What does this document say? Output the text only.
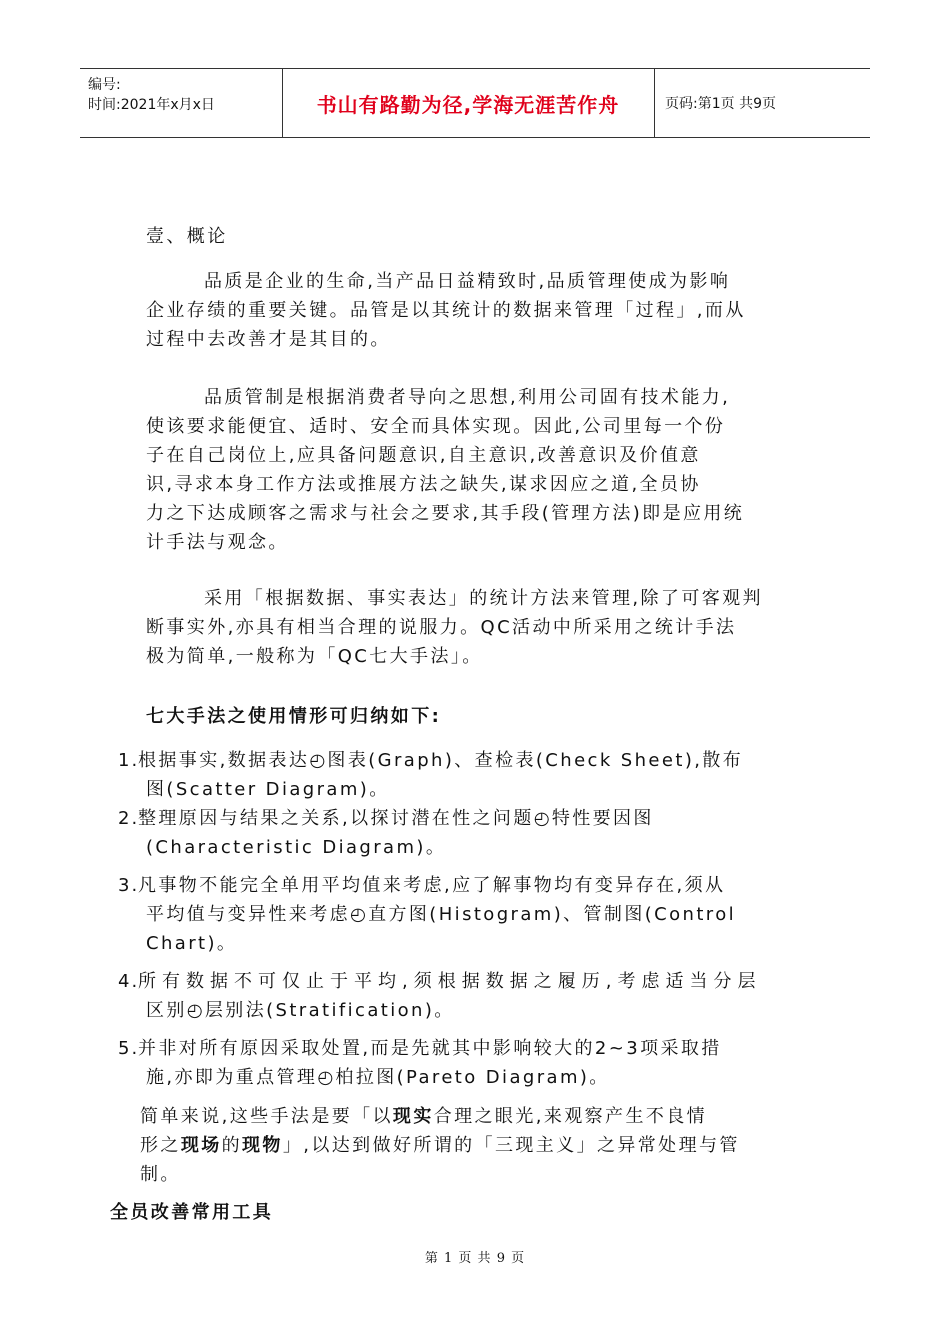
编号:
时间:2021年x月x日	书山有路勤为径,学海无涯苦作舟	页码:第1页 共9页
壹、概论
品质是企业的生命,当产品日益精致时,品质管理使成为影响
企业存绩的重要关键。品管是以其统计的数据来管理「过程」,而从
过程中去改善才是其目的。
品质管制是根据消费者导向之思想,利用公司固有技术能力,
使该要求能便宜、适时、安全而具体实现。因此,公司里每一个份
子在自己岗位上,应具备问题意识,自主意识,改善意识及价值意
识,寻求本身工作方法或推展方法之缺失,谋求因应之道,全员协
力之下达成顾客之需求与社会之要求,其手段(管理方法)即是应用统
计手法与观念。
采用「根据数据、事实表达」的统计方法来管理,除了可客观判
断事实外,亦具有相当合理的说服力。QC活动中所采用之统计手法
极为简单,一般称为「QC七大手法」。
七大手法之使用情形可归纳如下:
1.
根据事实,数据表达◴图表(Graph)、查检表(Check Sheet),散布
图(Scatter Diagram)。
2.
整理原因与结果之关系,以探讨潜在性之问题◴特性要因图
(Characteristic Diagram)。
3.
凡事物不能完全单用平均值来考虑,应了解事物均有变异存在,须从
平均值与变异性来考虑◴直方图(Histogram)、管制图(Control
Chart)。
4.
所有数据不可仅止于平均,须根据数据之履历,考虑适当分层
区别◴层别法(Stratification)。
5.
并非对所有原因采取处置,而是先就其中影响较大的2~3项采取措
施,亦即为重点管理◴柏拉图(Pareto Diagram)。
简单来说,这些手法是要「以现实合理之眼光,来观察产生不良情
形之现场的现物」,以达到做好所谓的「三现主义」之异常处理与管
制。
全员改善常用工具
第 1 页 共 9 页
